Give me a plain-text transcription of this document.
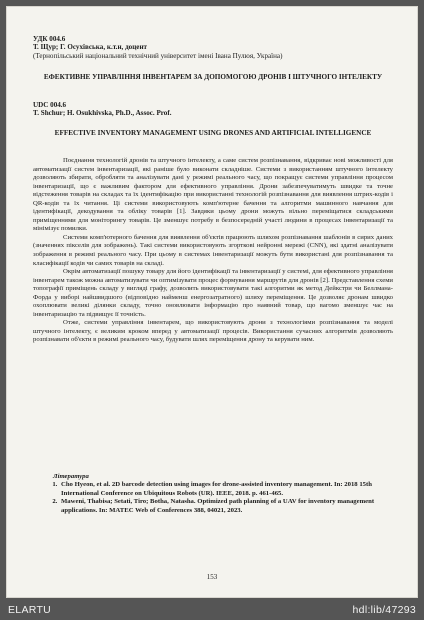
УДК 004.6
Т. Щур; Г. Осухівська, к.т.н, доцент
(Тернопільський національний технічний університет імені Івана Пулюя, Україна)
ЕФЕКТИВНЕ УПРАВЛІННЯ ІНВЕНТАРЕМ ЗА ДОПОМОГОЮ ДРОНІВ І ШТУЧНОГО ІНТЕЛЕКТУ
UDC 004.6
T. Shchur; H. Osukhivska, Ph.D., Assoc. Prof.
EFFECTIVE INVENTORY MANAGEMENT USING DRONES AND ARTIFICIAL INTELLIGENCE

Поєднання технологій дронів та штучного інтелекту, а саме систем розпізнавання, відкриває нові можливості для автоматизації систем інвентаризації, які раніше було виконати складніше. Системи з використанням штучного інтелекту дозволяють збирати, обробляти та аналізувати дані у режимі реального часу, що покращує системи управління процесом інвентаризації, що є важливим фактором для ефективного управління. Дрони забезпечуватимуть швидке та точне відстеження товарів на складах та їх ідентифікацію при використанні технологій розпізнавання для виявлення штрих-кодів і QR-кодів та їх читання. Ці системи використовують комп'ютерне бачення та алгоритми машинного навчання для ідентифікації, декодування та обліку товарів [1]. Завдяки цьому дрони можуть вільно переміщатися складськими приміщеннями для моніторингу товарів. Це зменшує потребу в безпосередній участі людини в процесах інвентаризації та мінімізує помилки.

Системи комп'ютерного бачення для виявлення об'єктів працюють шляхом розпізнавання шаблонів в сирих даних (значеннях пікселів для зображень). Такі системи використовують згорткові нейронні мережі (CNN), які здатні аналізувати зображення в режимі реального часу. При цьому в системах інвентаризації можуть бути використані для розпізнавання та класифікації кодів чи самих товарів на складі.

Окрім автоматизації пошуку товару для його ідентифікації та інвентаризації у системі, для ефективного управління інвентарем також можна автоматизувати чи оптимізувати процес формування маршрутів для дронів [2]. Представлення схеми топографії приміщень складу у вигляді графу, дозволить використовувати такі алгоритми як метод Дейкстри чи Беллмана-Форда у виборі найшвидшого (відповідно найменш енергозатратного) шляху переміщення. Це дозволяє дронам швидко охоплювати великі ділянки складу, точно оновлювати інформацію про наявний товар, що вагомо зменшує час на інвентаризацію та підвищує її точність.

Отже, системи управління інвентарем, що використовують дрони з технологіями розпізнавання та моделі штучного інтелекту, є великим кроком вперед у автоматизації процесів. Використання сучасних алгоритмів дозволяють розпізнавати об'єкти в режимі реального часу, будувати шлях переміщення дрону та керувати ним.

Література
1. Cho Hyeon, et al. 2D barcode detection using images for drone-assisted inventory management. In: 2018 15th International Conference on Ubiquitous Robots (UR). IEEE, 2018. p. 461-465.
2. Maweni, Thabisa; Setati, Tiro; Botha, Natasha. Optimized path planning of a UAV for inventory management applications. In: MATEC Web of Conferences 388, 04021, 2023.
153
ELARTU	hdl:lib/47293
